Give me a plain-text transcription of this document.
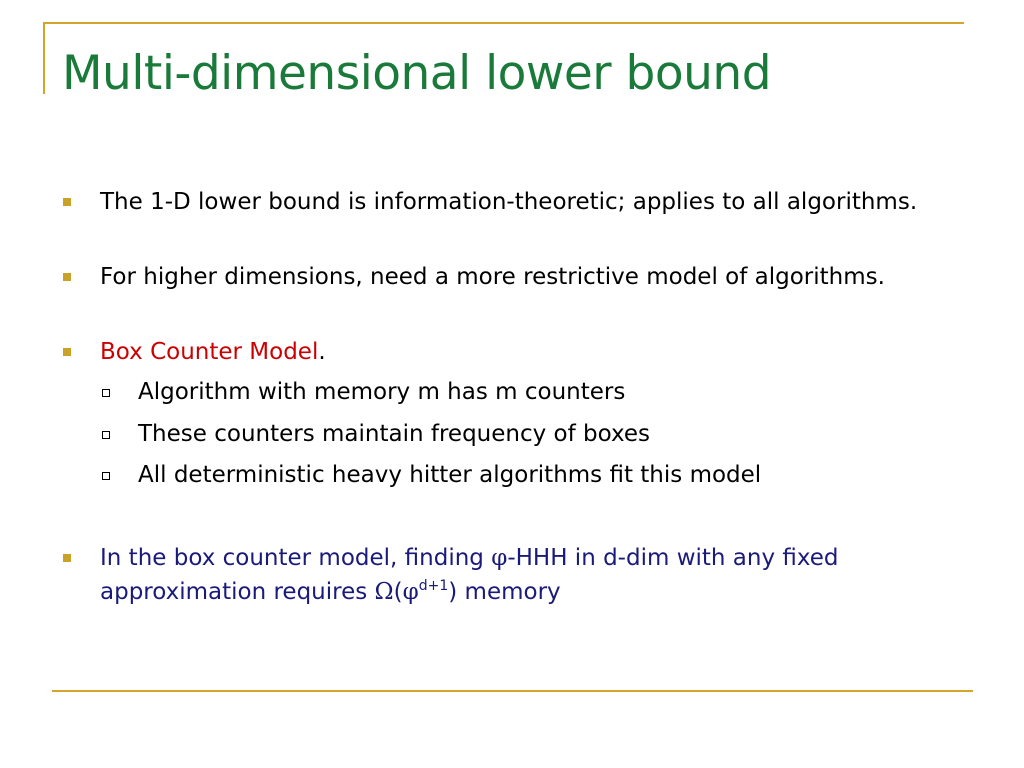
Multi-dimensional lower bound
The 1-D lower bound is information-theoretic; applies to all algorithms.
For higher dimensions, need a more restrictive model of algorithms.
Box Counter Model.
Algorithm with memory m has m counters
These counters maintain frequency of boxes
All deterministic heavy hitter algorithms fit this model
In the box counter model, finding φ-HHH in d-dim with any fixed approximation requires $\Omega(\varphi^{d+1})$ memory
